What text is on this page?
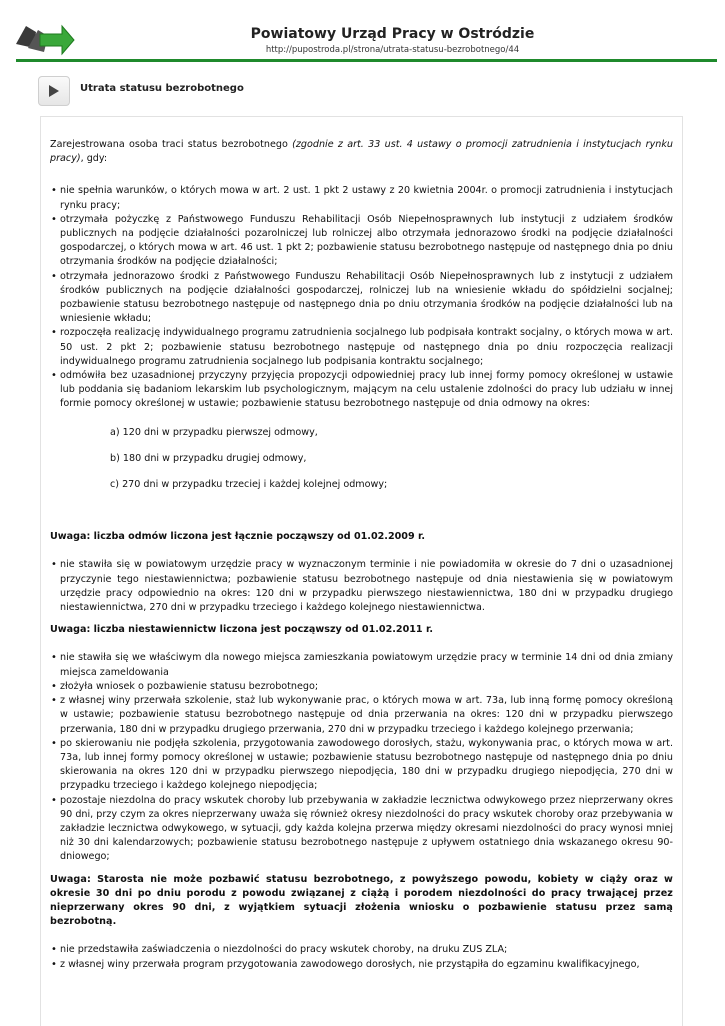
Powiatowy Urząd Pracy w Ostródzie
http://pupostroda.pl/strona/utrata-statusu-bezrobotnego/44
Utrata statusu bezrobotnego

Zarejestrowana osoba traci status bezrobotnego (zgodnie z art. 33 ust. 4 ustawy o promocji zatrudnienia i instytucjach rynku pracy), gdy:

• nie spełnia warunków, o których mowa w art. 2 ust. 1 pkt 2 ustawy z 20 kwietnia 2004r. o promocji zatrudnienia i instytucjach rynku pracy;
• otrzymała pożyczkę z Państwowego Funduszu Rehabilitacji Osób Niepełnosprawnych lub instytucji z udziałem środków publicznych na podjęcie działalności pozarolniczej lub rolniczej albo otrzymała jednorazowo środki na podjęcie działalności gospodarczej, o których mowa w art. 46 ust. 1 pkt 2; pozbawienie statusu bezrobotnego następuje od następnego dnia po dniu otrzymania środków na podjęcie działalności;
• otrzymała jednorazowo środki z Państwowego Funduszu Rehabilitacji Osób Niepełnosprawnych lub z instytucji z udziałem środków publicznych na podjęcie działalności gospodarczej, rolniczej lub na wniesienie wkładu do spółdzielni socjalnej; pozbawienie statusu bezrobotnego następuje od następnego dnia po dniu otrzymania środków na podjęcie działalności lub na wniesienie wkładu;
• rozpoczęła realizację indywidualnego programu zatrudnienia socjalnego lub podpisała kontrakt socjalny, o których mowa w art. 50 ust. 2 pkt 2; pozbawienie statusu bezrobotnego następuje od następnego dnia po dniu rozpoczęcia realizacji indywidualnego programu zatrudnienia socjalnego lub podpisania kontraktu socjalnego;
• odmówiła bez uzasadnionej przyczyny przyjęcia propozycji odpowiedniej pracy lub innej formy pomocy określonej w ustawie lub poddania się badaniom lekarskim lub psychologicznym, mającym na celu ustalenie zdolności do pracy lub udziału w innej formie pomocy określonej w ustawie; pozbawienie statusu bezrobotnego następuje od dnia odmowy na okres:

a) 120 dni w przypadku pierwszej odmowy,

b) 180 dni w przypadku drugiej odmowy,

c) 270 dni w przypadku trzeciej i każdej kolejnej odmowy;

Uwaga: liczba odmów liczona jest łącznie począwszy od 01.02.2009 r.

• nie stawiła się w powiatowym urzędzie pracy w wyznaczonym terminie i nie powiadomiła w okresie do 7 dni o uzasadnionej przyczynie tego niestawiennictwa; pozbawienie statusu bezrobotnego następuje od dnia niestawienia się w powiatowym urzędzie pracy odpowiednio na okres: 120 dni w przypadku pierwszego niestawiennictwa, 180 dni w przypadku drugiego niestawiennictwa, 270 dni w przypadku trzeciego i każdego kolejnego niestawiennictwa.

Uwaga: liczba niestawiennictw liczona jest począwszy od 01.02.2011 r.

• nie stawiła się we właściwym dla nowego miejsca zamieszkania powiatowym urzędzie pracy w terminie 14 dni od dnia zmiany miejsca zameldowania
• złożyła wniosek o pozbawienie statusu bezrobotnego;
• z własnej winy przerwała szkolenie, staż lub wykonywanie prac, o których mowa w art. 73a, lub inną formę pomocy określoną w ustawie; pozbawienie statusu bezrobotnego następuje od dnia przerwania na okres: 120 dni w przypadku pierwszego przerwania, 180 dni w przypadku drugiego przerwania, 270 dni w przypadku trzeciego i każdego kolejnego przerwania;
• po skierowaniu nie podjęła szkolenia, przygotowania zawodowego dorosłych, stażu, wykonywania prac, o których mowa w art. 73a, lub innej formy pomocy określonej w ustawie; pozbawienie statusu bezrobotnego następuje od następnego dnia po dniu skierowania na okres 120 dni w przypadku pierwszego niepodjęcia, 180 dni w przypadku drugiego niepodjęcia, 270 dni w przypadku trzeciego i każdego kolejnego niepodjęcia;
• pozostaje niezdolna do pracy wskutek choroby lub przebywania w zakładzie lecznictwa odwykowego przez nieprzerwany okres 90 dni, przy czym za okres nieprzerwany uważa się również okresy niezdolności do pracy wskutek choroby oraz przebywania w zakładzie lecznictwa odwykowego, w sytuacji, gdy każda kolejna przerwa między okresami niezdolności do pracy wynosi mniej niż 30 dni kalendarzowych; pozbawienie statusu bezrobotnego następuje z upływem ostatniego dnia wskazanego okresu 90-dniowego;

Uwaga: Starosta nie może pozbawić statusu bezrobotnego, z powyższego powodu, kobiety w ciąży oraz w okresie 30 dni po dniu porodu z powodu związanej z ciążą i porodem niezdolności do pracy trwającej przez nieprzerwany okres 90 dni, z wyjątkiem sytuacji złożenia wniosku o pozbawienie statusu przez samą bezrobotną.

• nie przedstawiła zaświadczenia o niezdolności do pracy wskutek choroby, na druku ZUS ZLA;
• z własnej winy przerwała program przygotowania zawodowego dorosłych, nie przystąpiła do egzaminu kwalifikacyjnego,
